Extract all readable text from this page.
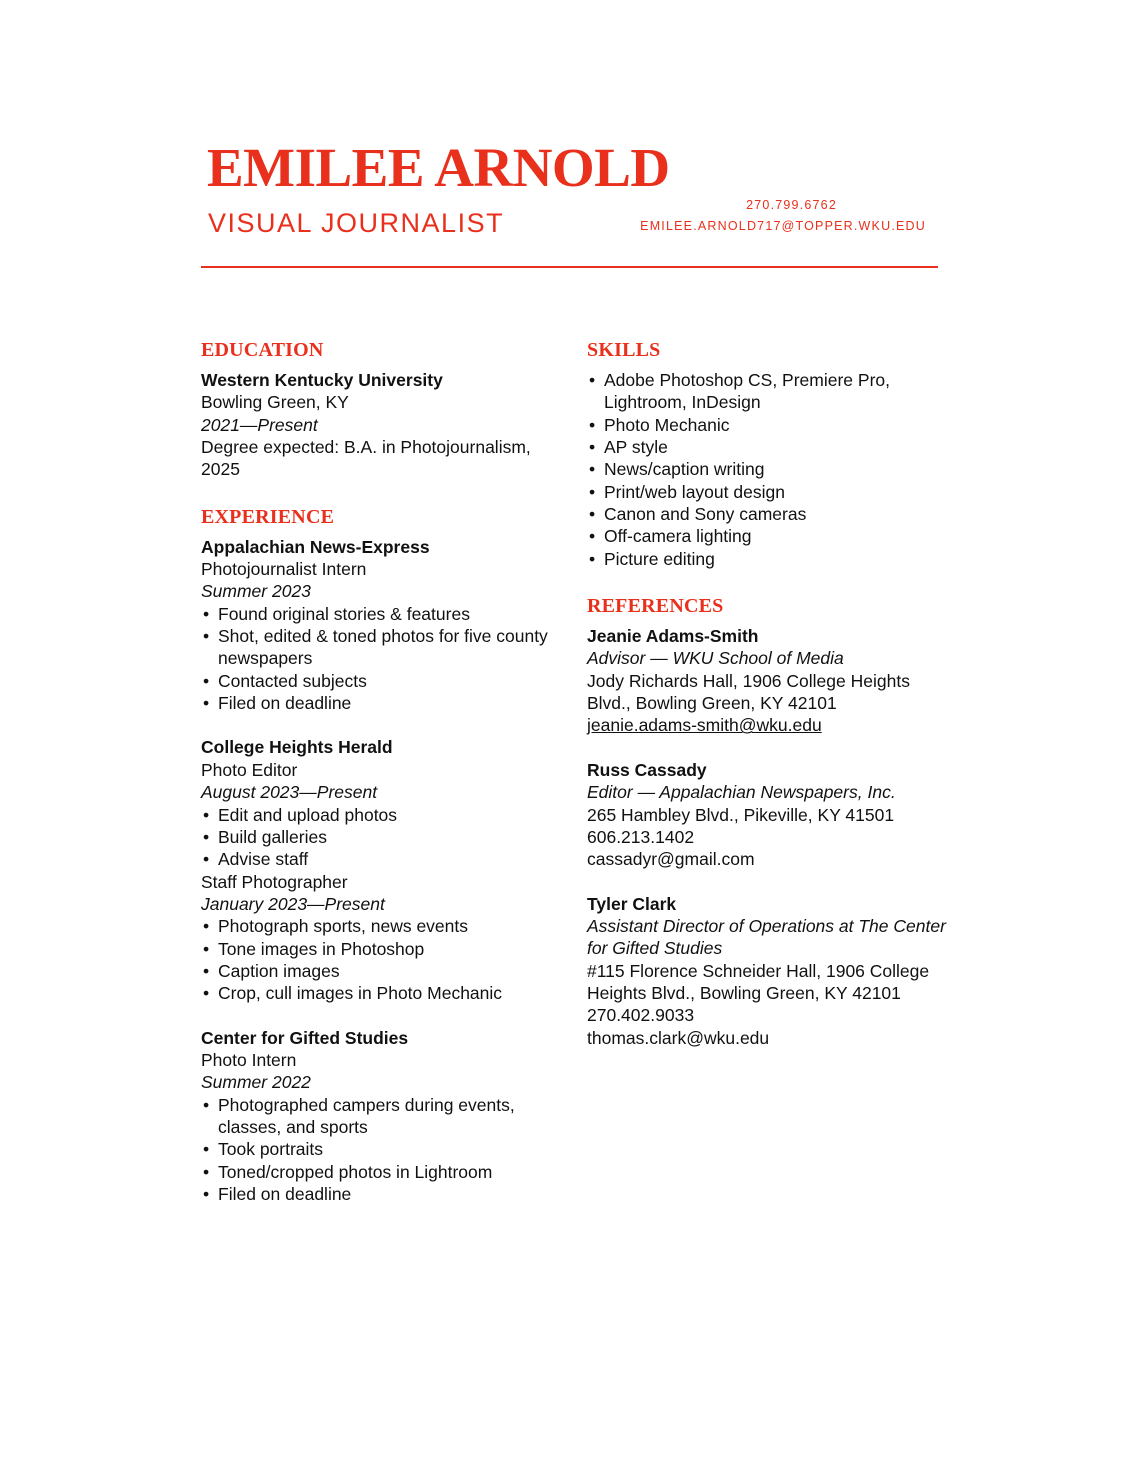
EMILEE ARNOLD
VISUAL JOURNALIST
270.799.6762
EMILEE.ARNOLD717@TOPPER.WKU.EDU
EDUCATION
Western Kentucky University
Bowling Green, KY
2021—Present
Degree expected: B.A. in Photojournalism, 2025
EXPERIENCE
Appalachian News-Express
Photojournalist Intern
Summer 2023
• Found original stories & features
• Shot, edited & toned photos for five county newspapers
• Contacted subjects
• Filed on deadline
College Heights Herald
Photo Editor
August 2023—Present
• Edit and upload photos
• Build galleries
• Advise staff
Staff Photographer
January 2023—Present
• Photograph sports, news events
• Tone images in Photoshop
• Caption images
• Crop, cull images in Photo Mechanic
Center for Gifted Studies
Photo Intern
Summer 2022
• Photographed campers during events, classes, and sports
• Took portraits
• Toned/cropped photos in Lightroom
• Filed on deadline
SKILLS
• Adobe Photoshop CS, Premiere Pro, Lightroom, InDesign
• Photo Mechanic
• AP style
• News/caption writing
• Print/web layout design
• Canon and Sony cameras
• Off-camera lighting
• Picture editing
REFERENCES
Jeanie Adams-Smith
Advisor — WKU School of Media
Jody Richards Hall, 1906 College Heights Blvd., Bowling Green, KY 42101
jeanie.adams-smith@wku.edu
Russ Cassady
Editor — Appalachian Newspapers, Inc.
265 Hambley Blvd., Pikeville, KY 41501
606.213.1402
cassadyr@gmail.com
Tyler Clark
Assistant Director of Operations at The Center for Gifted Studies
#115 Florence Schneider Hall, 1906 College Heights Blvd., Bowling Green, KY 42101
270.402.9033
thomas.clark@wku.edu
